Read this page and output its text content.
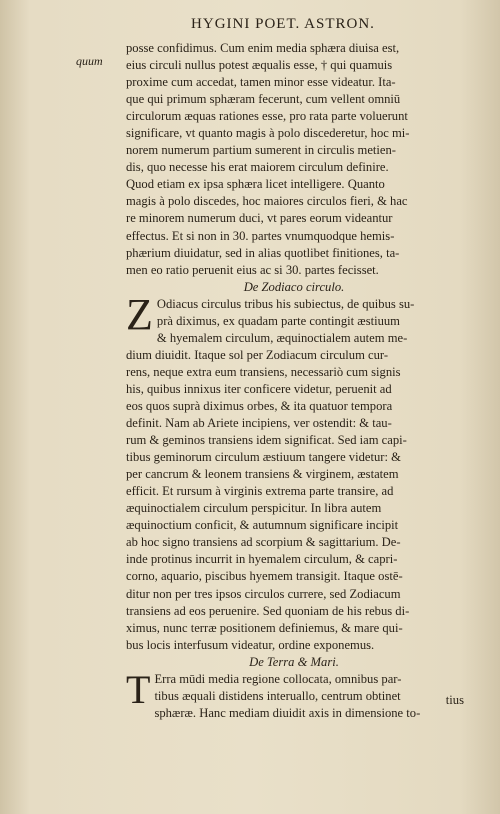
HYGINI POET. ASTRON.
quum
posse confidimus. Cum enim media sphæra diuisa est,
eius circuli nullus potest æqualis esse, † qui quamuis
proxime cum accedat, tamen minor esse videatur. Ita-
que qui primum sphæram fecerunt, cum vellent omniū
circulorum æquas rationes esse, pro rata parte voluerunt
significare, vt quanto magis à polo discederetur, hoc mi-
norem numerum partium sumerent in circulis metien-
dis, quo necesse his erat maiorem circulum definire.
Quod etiam ex ipsa sphæra licet intelligere. Quanto
magis à polo discedes, hoc maiores circulos fieri, & hac
re minorem numerum duci, vt pares eorum videantur
effectus. Et si non in 30. partes vnumquodque hemis-
phærium diuidatur, sed in alias quotlibet finitiones, ta-
men eo ratio peruenit eius ac si 30. partes fecisset.
De Zodiaco circulo.
Z Odiacus circulus tribus his subiectus, de quibus su-
prà diximus, ex quadam parte contingit æstiuum
& hyemalem circulum, æquinoctialem autem me-
dium diuidit. Itaque sol per Zodiacum circulum cur-
rens, neque extra eum transiens, necessariò cum signis
his, quibus innixus iter conficere videtur, peruenit ad
eos quos suprà diximus orbes, & ita quatuor tempora
definit. Nam ab Ariete incipiens, ver ostendit: & tau-
rum & geminos transiens idem significat. Sed iam capi-
tibus geminorum circulum æstiuum tangere videtur: &
per cancrum & leonem transiens & virginem, æstatem
efficit. Et rursum à virginis extrema parte transire, ad
æquinoctialem circulum perspicitur. In libra autem
æquinoctium conficit, & autumnum significare incipit
ab hoc signo transiens ad scorpium & sagittarium. De-
inde protinus incurrit in hyemalem circulum, & capri-
corno, aquario, piscibus hyemem transigit. Itaque ostē-
ditur non per tres ipsos circulos currere, sed Zodiacum
transiens ad eos peruenire. Sed quoniam de his rebus di-
ximus, nunc terræ positionem definiemus, & mare qui-
bus locis interfusum videatur, ordine exponemus.
De Terra & Mari.
T Erra mūdi media regione collocata, omnibus par-
tibus æquali distidens interuallo, centrum obtinet
sphæræ. Hanc mediam diuidit axis in dimensione to-
tius
